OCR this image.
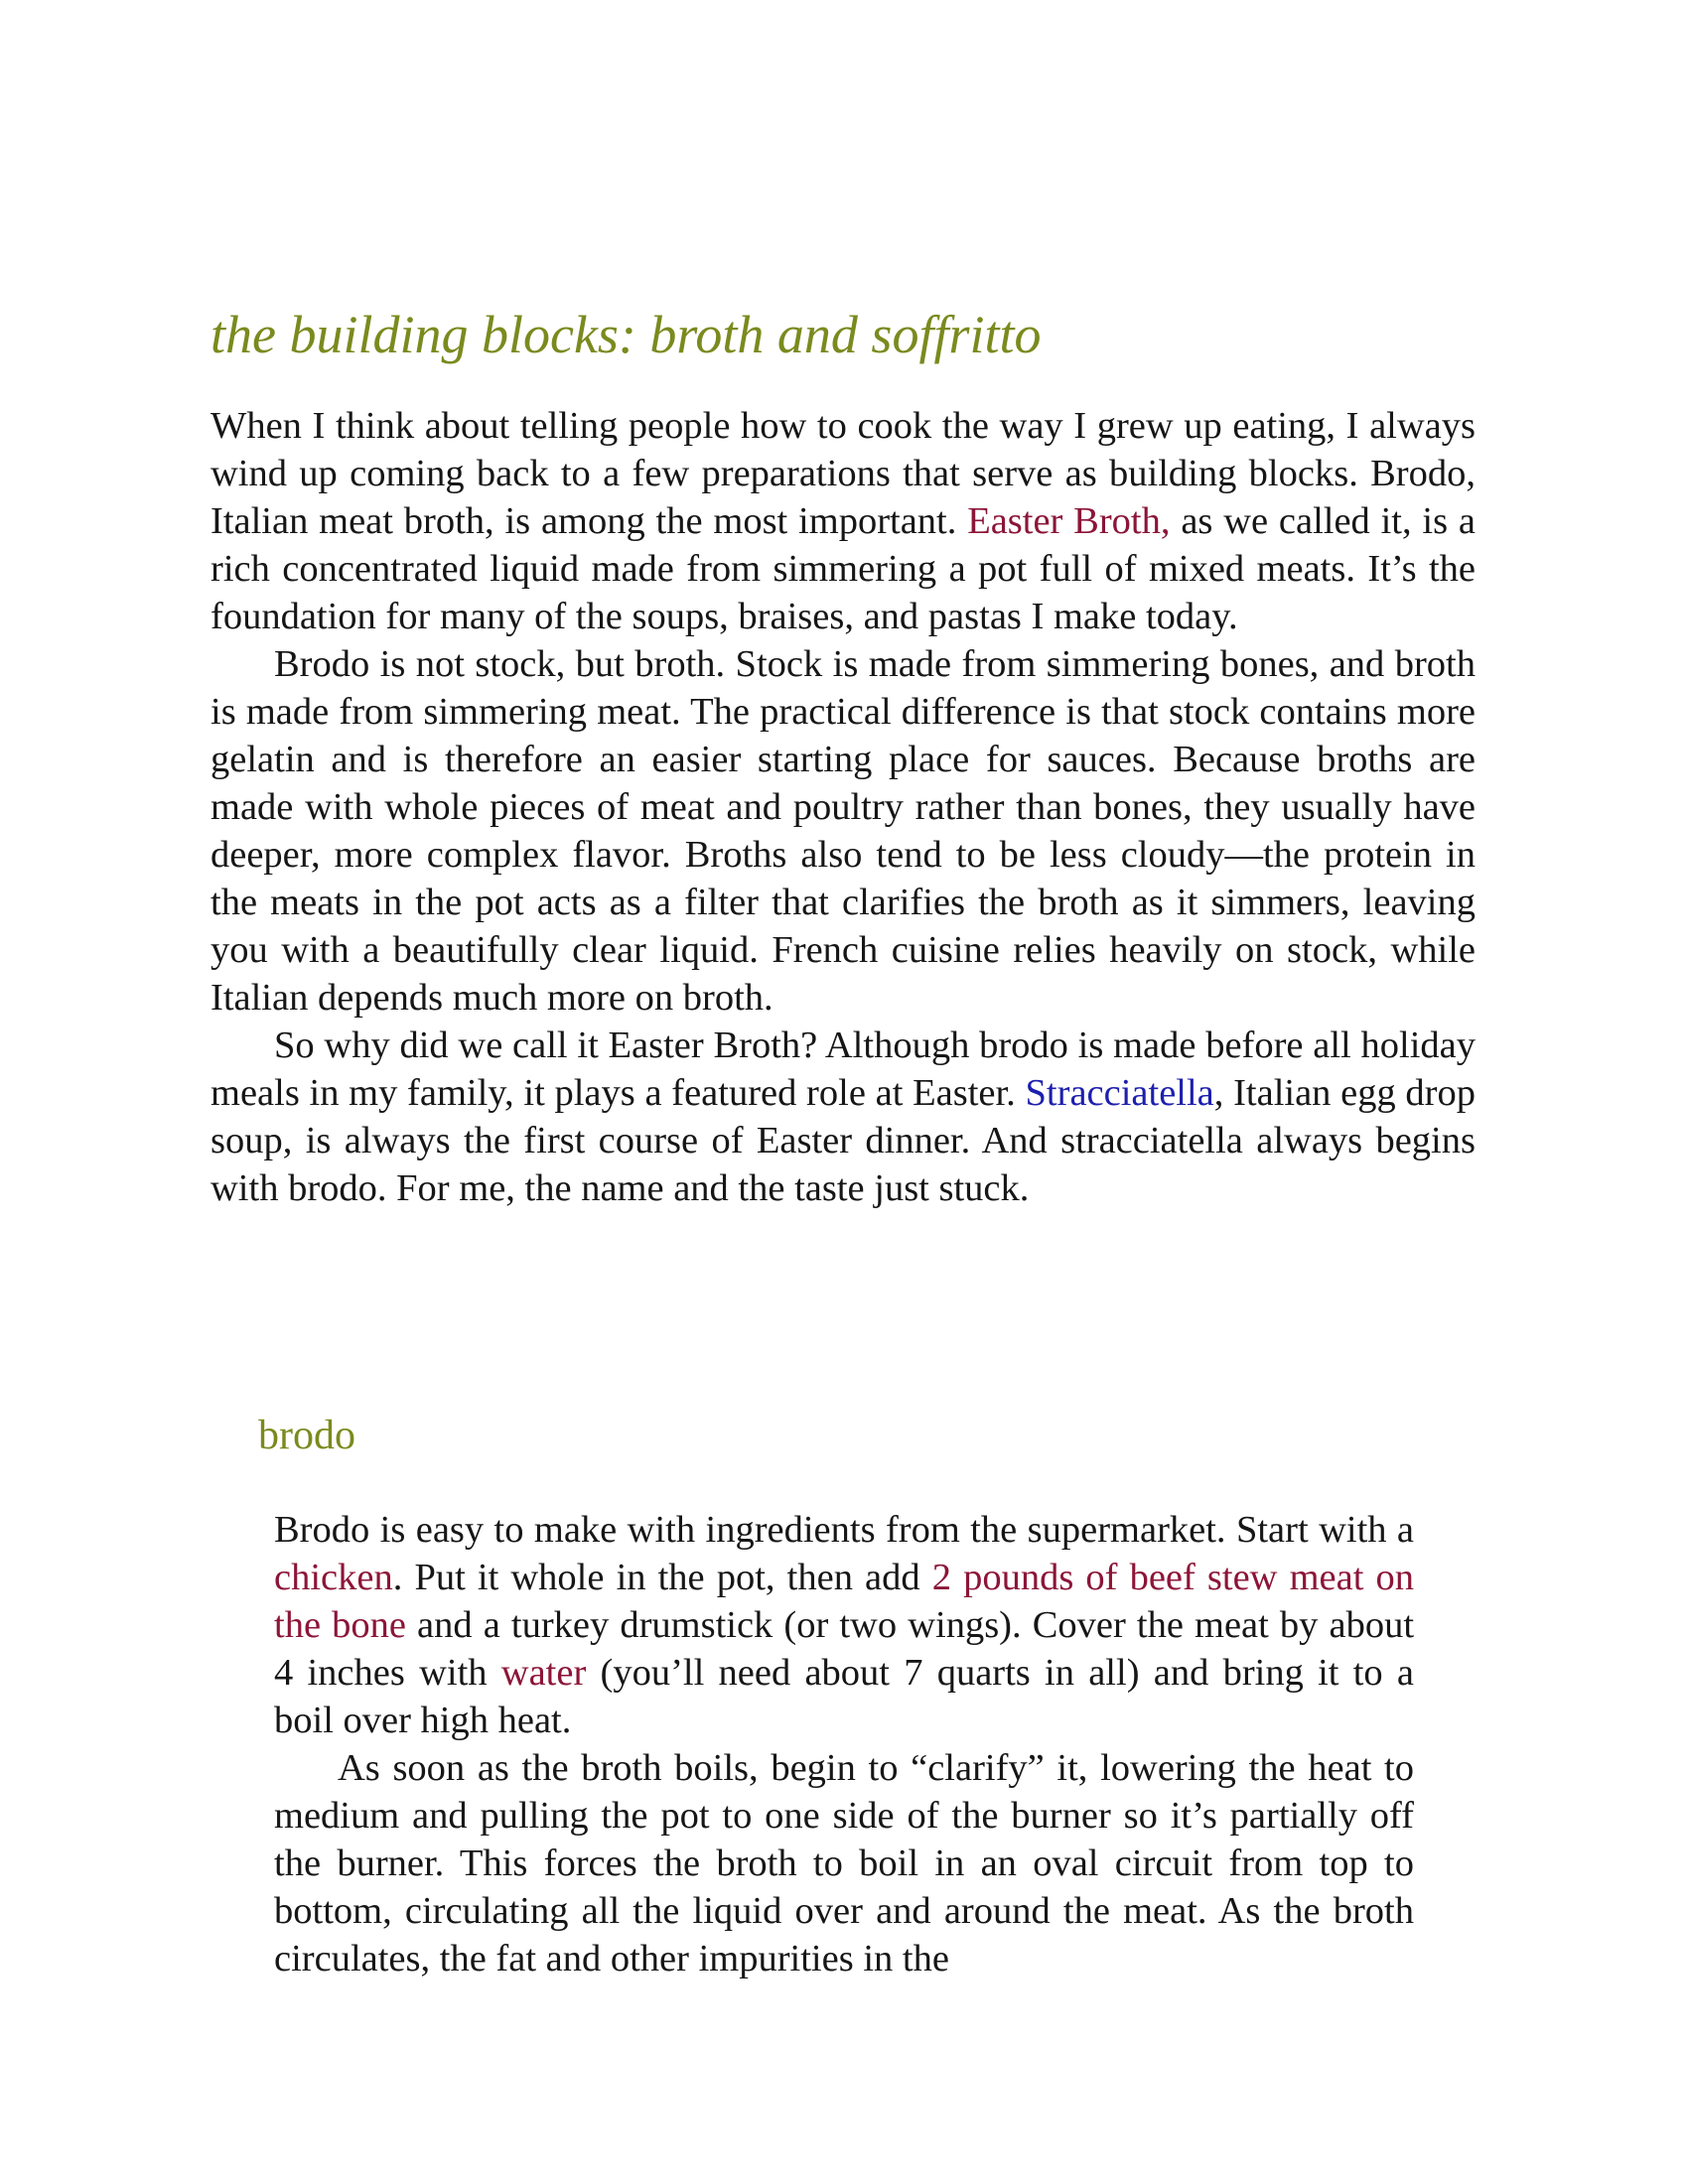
the building blocks: broth and soffritto

When I think about telling people how to cook the way I grew up eating, I always wind up coming back to a few preparations that serve as building blocks. Brodo, Italian meat broth, is among the most important. Easter Broth, as we called it, is a rich concentrated liquid made from simmering a pot full of mixed meats. It’s the foundation for many of the soups, braises, and pastas I make today.

Brodo is not stock, but broth. Stock is made from simmering bones, and broth is made from simmering meat. The practical difference is that stock contains more gelatin and is therefore an easier starting place for sauces. Because broths are made with whole pieces of meat and poultry rather than bones, they usually have deeper, more complex flavor. Broths also tend to be less cloudy—the protein in the meats in the pot acts as a filter that clarifies the broth as it simmers, leaving you with a beautifully clear liquid. French cuisine relies heavily on stock, while Italian depends much more on broth.

So why did we call it Easter Broth? Although brodo is made before all holiday meals in my family, it plays a featured role at Easter. Stracciatella, Italian egg drop soup, is always the first course of Easter dinner. And stracciatella always begins with brodo. For me, the name and the taste just stuck.

brodo

Brodo is easy to make with ingredients from the supermarket. Start with a chicken. Put it whole in the pot, then add 2 pounds of beef stew meat on the bone and a turkey drumstick (or two wings). Cover the meat by about 4 inches with water (you’ll need about 7 quarts in all) and bring it to a boil over high heat.

As soon as the broth boils, begin to “clarify” it, lowering the heat to medium and pulling the pot to one side of the burner so it’s partially off the burner. This forces the broth to boil in an oval circuit from top to bottom, circulating all the liquid over and around the meat. As the broth circulates, the fat and other impurities in the
